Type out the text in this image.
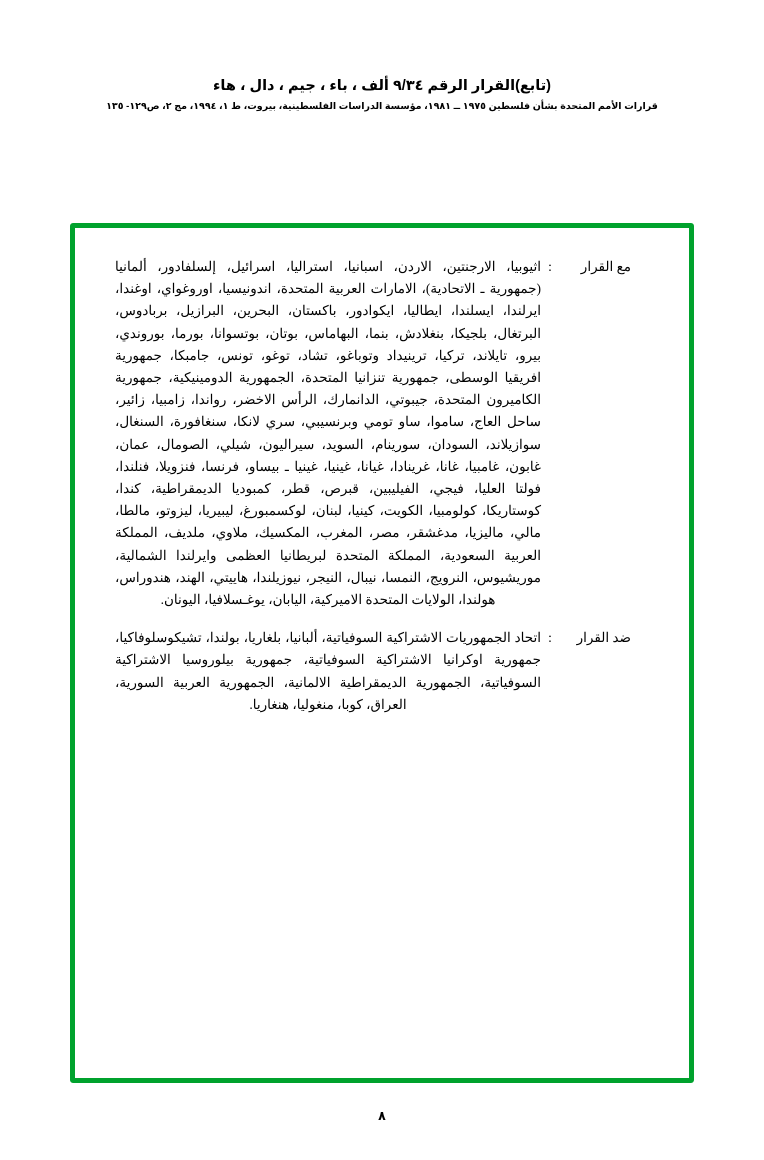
(تابع)القرار الرقم ٩/٣٤ ألف ، باء ، جيم ، دال ، هاء
قرارات الأمم المتحدة بشأن فلسطين ١٩٧٥ ــ ١٩٨١، مؤسسة الدراسات الفلسطينية، بيروت، ط ١، ١٩٩٤، مج ٢، ص١٢٩- ١٣٥
مع القرار
:
اثيوبيا، الارجنتين، الاردن، اسبانيا، استراليا، اسرائيل، إلسلفادور، ألمانيا (جمهورية ـ الاتحادية)، الامارات العربية المتحدة، اندونيسيا، اوروغواي، اوغندا، ايرلندا، ايسلندا، ايطاليا، ايكوادور، باكستان، البحرين، البرازيل، بربادوس، البرتغال، بلجيكا، بنغلادش، بنما، البهاماس، بوتان، بوتسوانا، بورما، بوروندي، بيرو، تايلاند، تركيا، ترينيداد وتوباغو، تشاد، توغو، تونس، جامبكا، جمهورية افريقيا الوسطى، جمهورية تنزانيا المتحدة، الجمهورية الدومينيكية، جمهورية الكاميرون المتحدة، جيبوتي، الدانمارك، الرأس الاخضر، رواندا، زامبيا، زائير، ساحل العاج، ساموا، ساو تومي وبرنسيبي، سري لانكا، سنغافورة، السنغال، سوازيلاند، السودان، سورينام، السويد، سيراليون، شيلي، الصومال، عمان، غابون، غامبيا، غانا، غرينادا، غيانا، غينيا، غينيا ـ بيساو، فرنسا، فنزويلا، فنلندا، فولتا العليا، فيجي، الفيليبين، قبرص، قطر، كمبوديا الديمقراطية، كندا، كوستاريكا، كولومبيا، الكويت، كينيا، لبنان، لوكسمبورغ، ليبيريا، ليزوتو، مالطا، مالي، ماليزيا، مدغشقر، مصر، المغرب، المكسيك، ملاوي، ملديف، المملكة العربية السعودية، المملكة المتحدة لبريطانيا العظمى وايرلندا الشمالية، موريشيوس، النرويج، النمسا، نيبال، النيجر، نيوزيلندا، هاييتي، الهند، هندوراس، هولندا، الولايات المتحدة الاميركية، اليابان، يوغـسلافيا، اليونان.
ضد القرار
:
اتحاد الجمهوريات الاشتراكية السوفياتية، ألبانيا، بلغاريا، بولندا، تشيكوسلوفاكيا، جمهورية اوكرانيا الاشتراكية السوفياتية، جمهورية بيلوروسيا الاشتراكية السوفياتية، الجمهورية الديمقراطية الالمانية، الجمهورية العربية السورية، العراق، كوبا، منغوليا، هنغاريا.
٨
